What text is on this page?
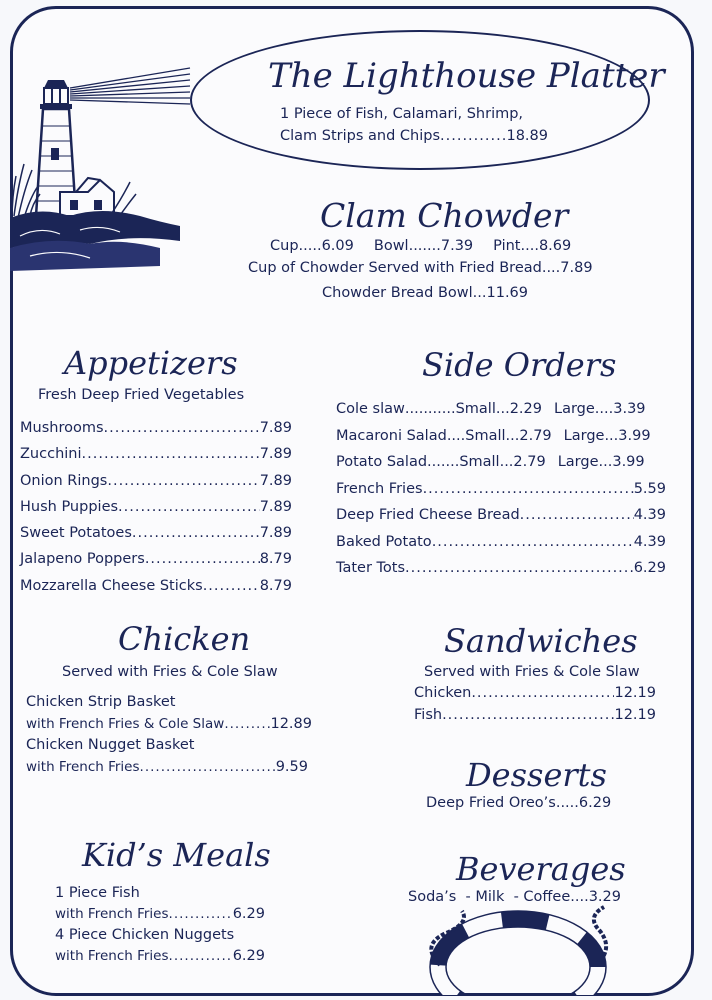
The Lighthouse Platter
1 Piece of Fish, Calamari, Shrimp,
Clam Strips and Chips .....	18.89
Clam Chowder
Cup.....6.09 Bowl.......7.39 Pint....8.69
Cup of Chowder Served with Fried Bread....7.89
Chowder Bread Bowl...11.69
Appetizers
Fresh Deep Fried Vegetables
Mushrooms .....	7.89
Zucchini .....	7.89
Onion Rings .....	7.89
Hush Puppies .....	7.89
Sweet Potatoes .....	7.89
Jalapeno Poppers .....	8.79
Mozzarella Cheese Sticks .....	8.79
Side Orders
Cole slaw ........... Small ... 2.29 Large .... 3.39
Macaroni Salad .... Small ... 2.79 Large ... 3.99
Potato Salad ....... Small ... 2.79 Large ... 3.99
French Fries .....	5.59
Deep Fried Cheese Bread .....	4.39
Baked Potato .....	4.39
Tater Tots .....	6.29
Chicken
Served with Fries & Cole Slaw
Chicken Strip Basket
with French Fries & Cole Slaw .....	12.89
Chicken Nugget Basket
with French Fries .....	9.59
Sandwiches
Served with Fries & Cole Slaw
Chicken .....	12.19
Fish .....	12.19
Desserts
Deep Fried Oreo’s.....6.29
Kid’s Meals
1 Piece Fish
with French Fries .....	6.29
4 Piece Chicken Nuggets
with French Fries .....	6.29
Beverages
Soda’s  - Milk  - Coffee....3.29
